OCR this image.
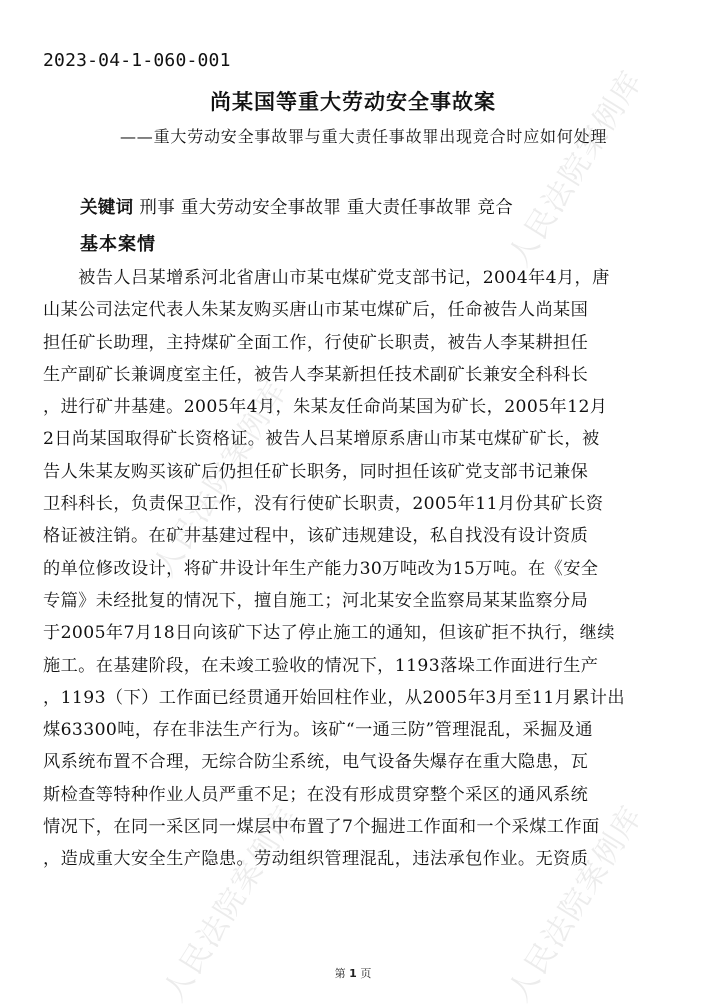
人民法院案例库
人民法院案例库
人民法院案例库	人民法院案例库
2023-04-1-060-001
尚某国等重大劳动安全事故案
——重大劳动安全事故罪与重大责任事故罪出现竞合时应如何处理
关键词 刑事 重大劳动安全事故罪 重大责任事故罪 竞合
基本案情
　　被告人吕某增系河北省唐山市某屯煤矿党支部书记，2004年4月，唐
山某公司法定代表人朱某友购买唐山市某屯煤矿后，任命被告人尚某国
担任矿长助理，主持煤矿全面工作，行使矿长职责，被告人李某耕担任
生产副矿长兼调度室主任，被告人李某新担任技术副矿长兼安全科科长
，进行矿井基建。2005年4月，朱某友任命尚某国为矿长，2005年12月
2日尚某国取得矿长资格证。被告人吕某增原系唐山市某屯煤矿矿长，被
告人朱某友购买该矿后仍担任矿长职务，同时担任该矿党支部书记兼保
卫科科长，负责保卫工作，没有行使矿长职责，2005年11月份其矿长资
格证被注销。在矿井基建过程中，该矿违规建设，私自找没有设计资质
的单位修改设计，将矿井设计年生产能力30万吨改为15万吨。在《安全
专篇》未经批复的情况下，擅自施工；河北某安全监察局某某监察分局
于2005年7月18日向该矿下达了停止施工的通知，但该矿拒不执行，继续
施工。在基建阶段，在未竣工验收的情况下，1193落垛工作面进行生产
，1193（下）工作面已经贯通开始回柱作业，从2005年3月至11月累计出
煤63300吨，存在非法生产行为。该矿“一通三防”管理混乱，采掘及通
风系统布置不合理，无综合防尘系统，电气设备失爆存在重大隐患，瓦
斯检查等特种作业人员严重不足；在没有形成贯穿整个采区的通风系统
情况下，在同一采区同一煤层中布置了7个掘进工作面和一个采煤工作面
，造成重大安全生产隐患。劳动组织管理混乱，违法承包作业。无资质
第 1 页
